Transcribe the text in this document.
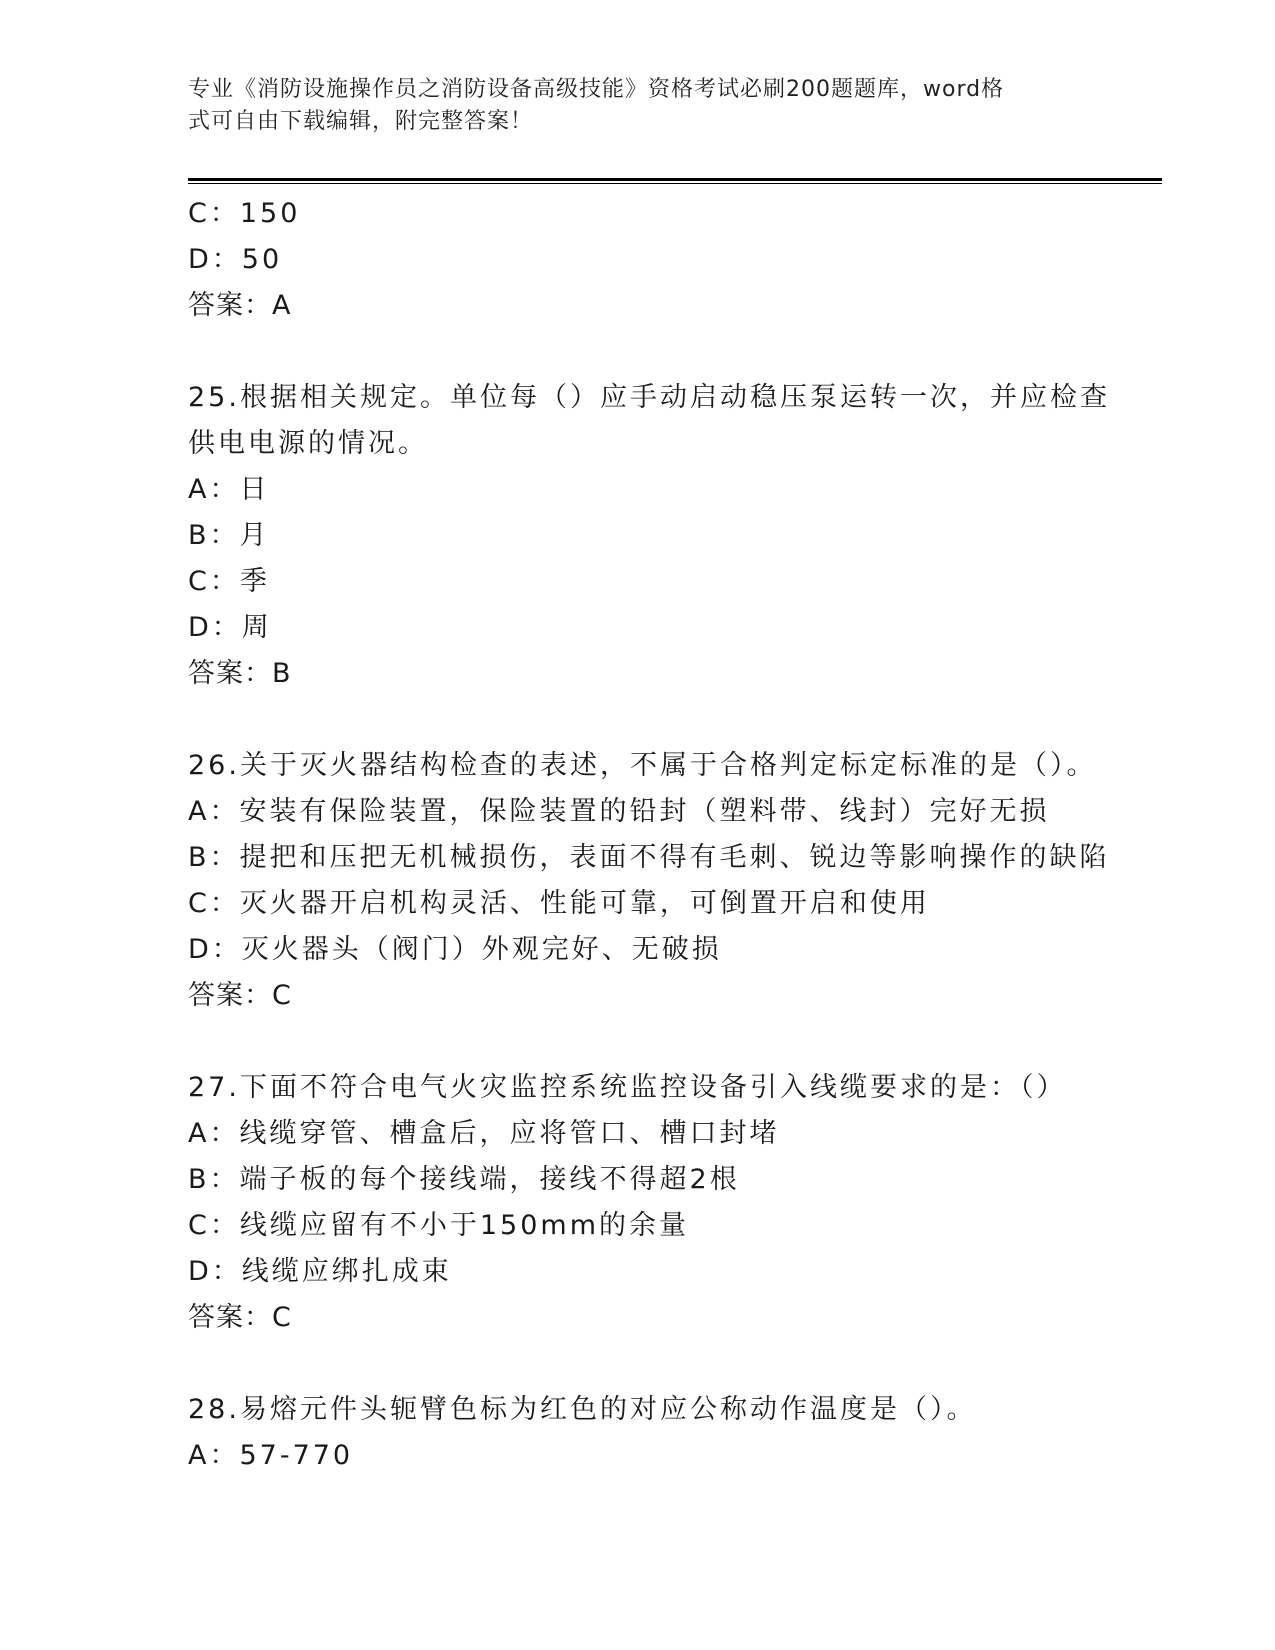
专业《消防设施操作员之消防设备高级技能》资格考试必刷200题题库，word格
式可自由下载编辑，附完整答案！
C：150
D：50
答案：A
25.根据相关规定。单位每（）应手动启动稳压泵运转一次，并应检查
供电电源的情况。
A：日
B：月
C：季
D：周
答案：B
26.关于灭火器结构检查的表述，不属于合格判定标定标准的是（）。
A：安装有保险装置，保险装置的铅封（塑料带、线封）完好无损
B：提把和压把无机械损伤，表面不得有毛刺、锐边等影响操作的缺陷
C：灭火器开启机构灵活、性能可靠，可倒置开启和使用
D：灭火器头（阀门）外观完好、无破损
答案：C
27.下面不符合电气火灾监控系统监控设备引入线缆要求的是：（）
A：线缆穿管、槽盒后，应将管口、槽口封堵
B：端子板的每个接线端，接线不得超2根
C：线缆应留有不小于150mm的余量
D：线缆应绑扎成束
答案：C
28.易熔元件头轭臂色标为红色的对应公称动作温度是（）。
A：57-770
